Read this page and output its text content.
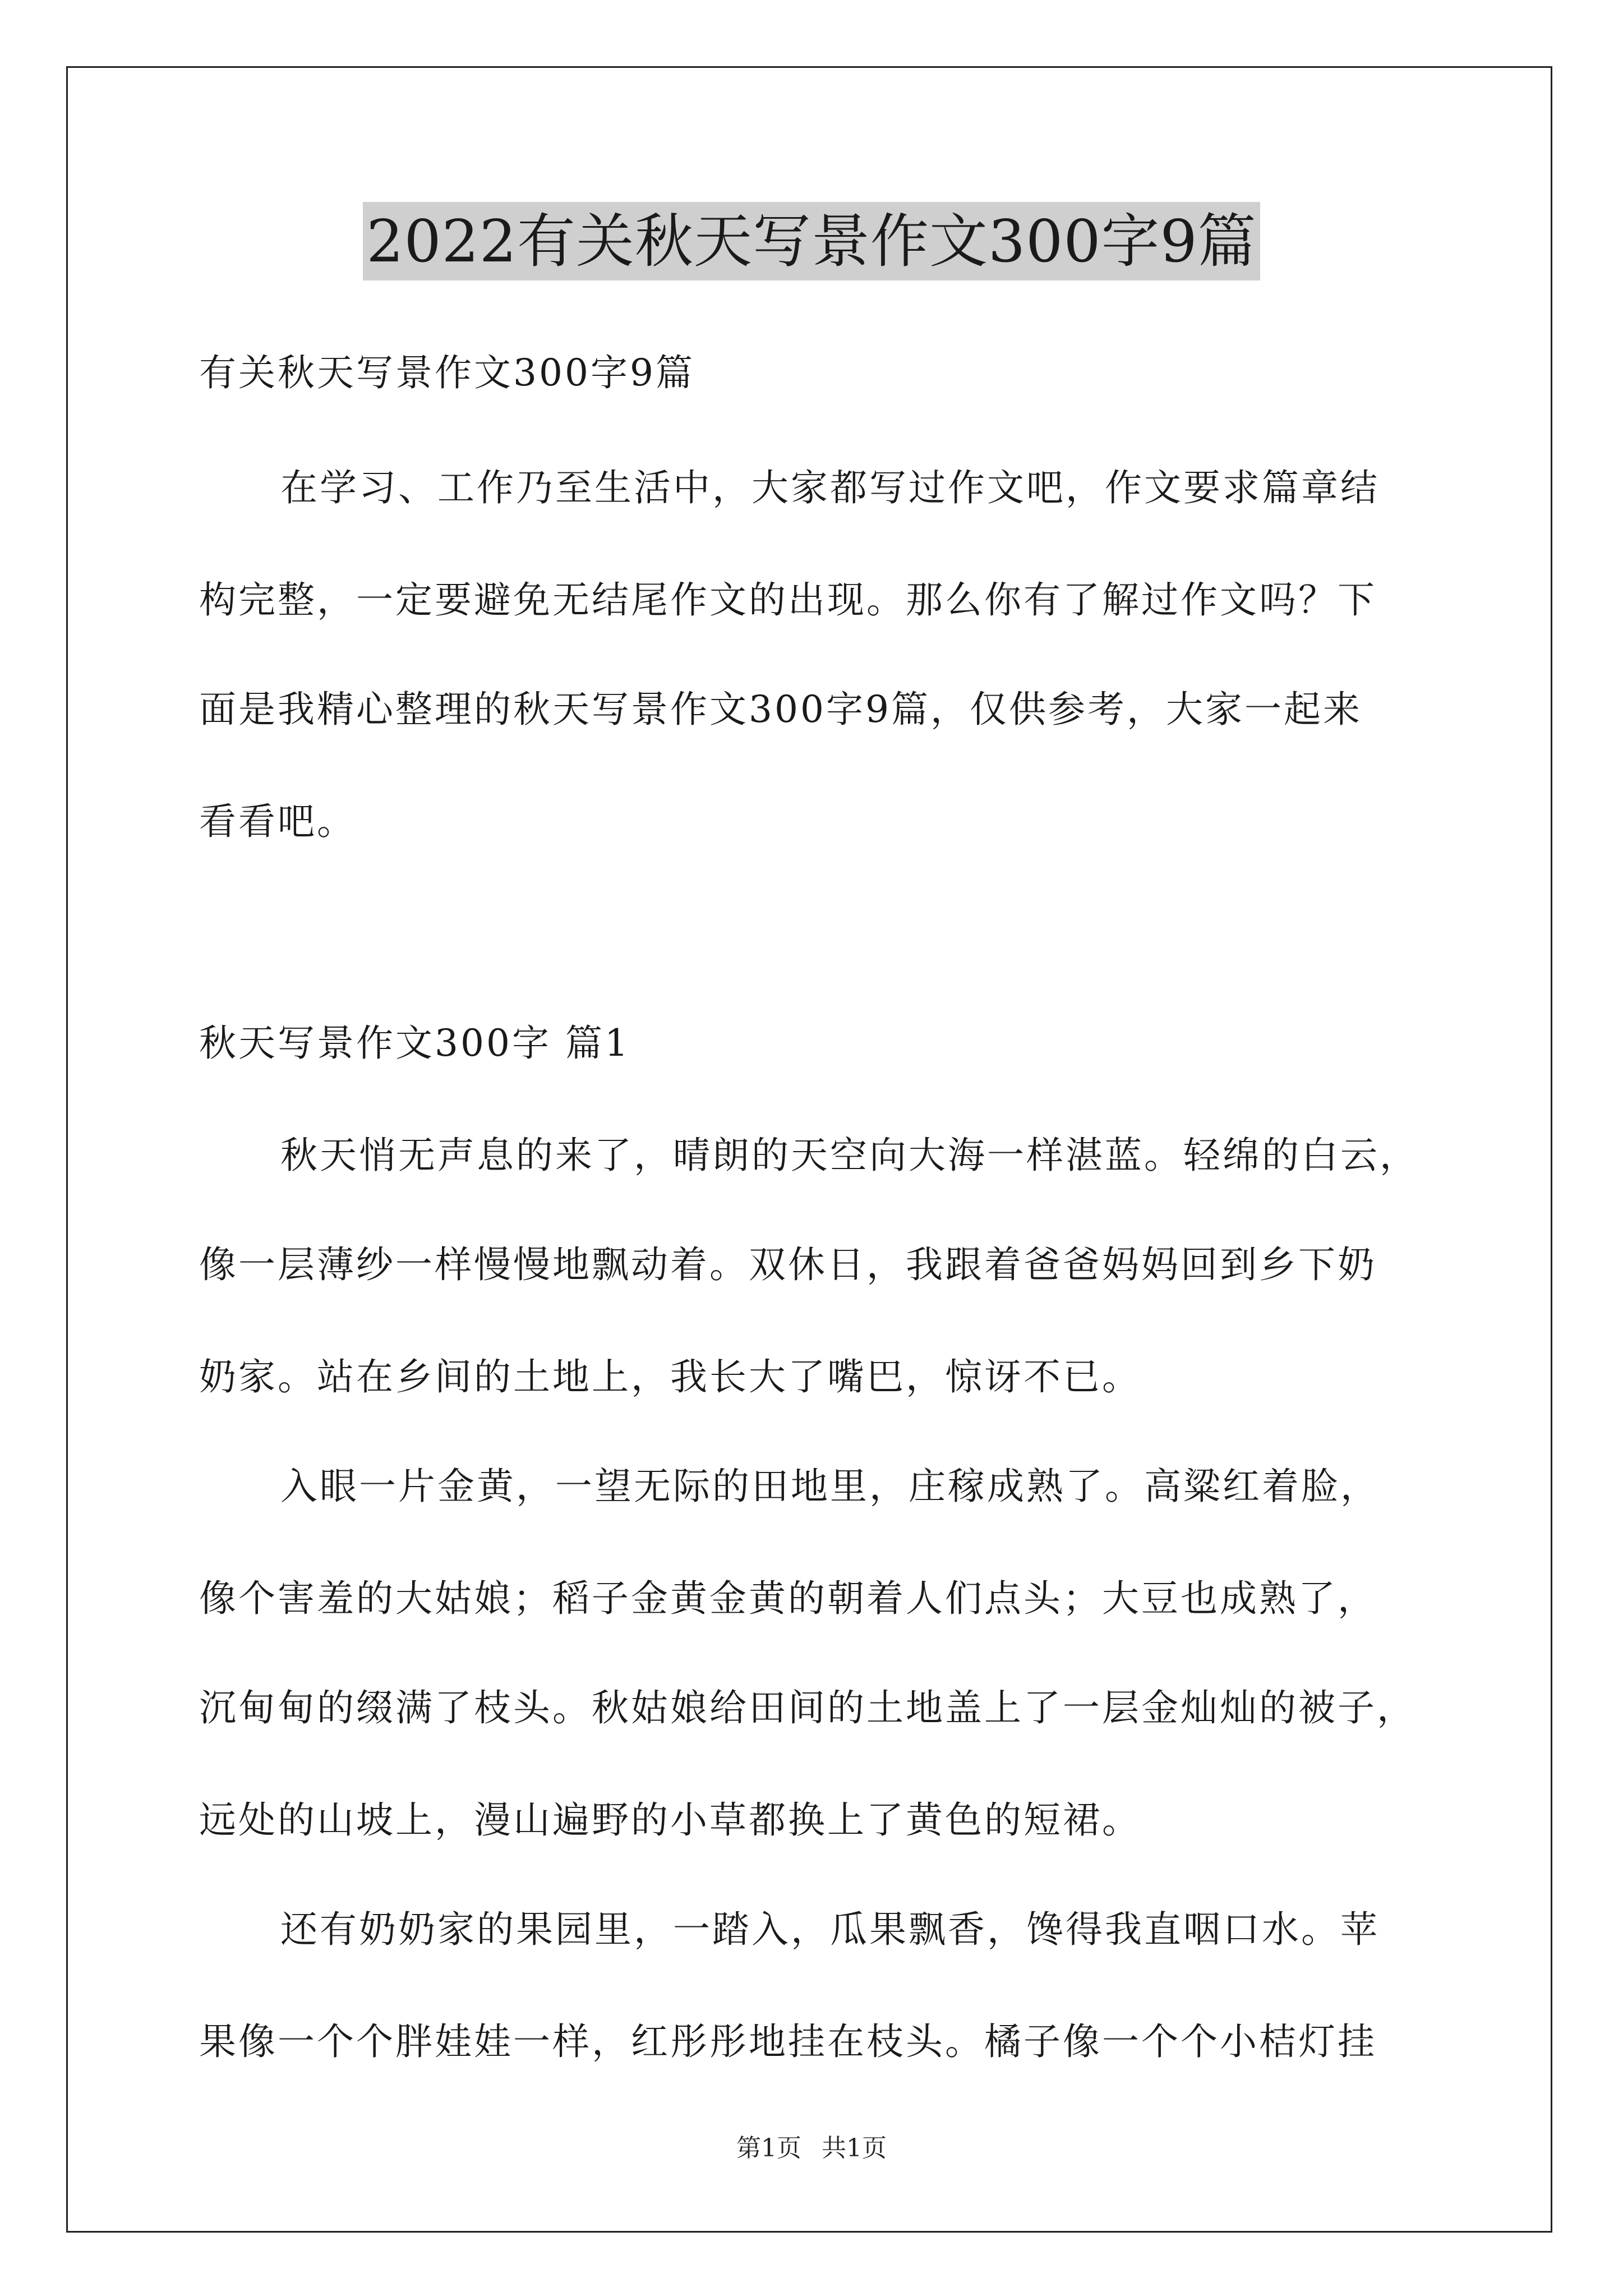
2022有关秋天写景作文300字9篇
有关秋天写景作文300字9篇
在学习、工作乃至生活中，大家都写过作文吧，作文要求篇章结
构完整，一定要避免无结尾作文的出现。那么你有了解过作文吗？下
面是我精心整理的秋天写景作文300字9篇，仅供参考，大家一起来
看看吧。
秋天写景作文300字 篇1
秋天悄无声息的来了，晴朗的天空向大海一样湛蓝。轻绵的白云，
像一层薄纱一样慢慢地飘动着。双休日，我跟着爸爸妈妈回到乡下奶
奶家。站在乡间的土地上，我长大了嘴巴，惊讶不已。
入眼一片金黄，一望无际的田地里，庄稼成熟了。高粱红着脸，
像个害羞的大姑娘；稻子金黄金黄的朝着人们点头；大豆也成熟了，
沉甸甸的缀满了枝头。秋姑娘给田间的土地盖上了一层金灿灿的被子，
远处的山坡上，漫山遍野的小草都换上了黄色的短裙。
还有奶奶家的果园里，一踏入，瓜果飘香，馋得我直咽口水。苹
果像一个个胖娃娃一样，红彤彤地挂在枝头。橘子像一个个小桔灯挂
第1页 共1页
